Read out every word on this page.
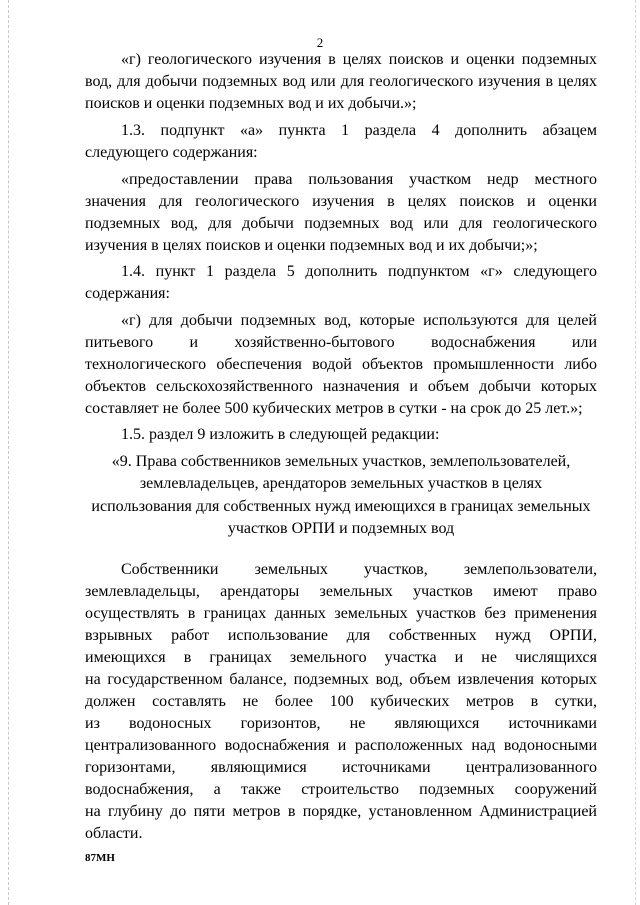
2
«г) геологического изучения в целях поисков и оценки подземных
вод, для добычи подземных вод или для геологического изучения в целях
поисков и оценки подземных вод и их добычи.»;
1.3. подпункт «а» пункта 1 раздела 4 дополнить абзацем
следующего содержания:
«предоставлении права пользования участком недр местного
значения для геологического изучения в целях поисков и оценки
подземных вод, для добычи подземных вод или для геологического
изучения в целях поисков и оценки подземных вод и их добычи;»;
1.4. пункт 1 раздела 5 дополнить подпунктом «г» следующего
содержания:
«г) для добычи подземных вод, которые используются для целей
питьевого и хозяйственно-бытового водоснабжения или
технологического обеспечения водой объектов промышленности либо
объектов сельскохозяйственного назначения и объем добычи которых
составляет не более 500 кубических метров в сутки - на срок до 25 лет.»;
1.5. раздел 9 изложить в следующей редакции:
«9. Права собственников земельных участков, землепользователей,
землевладельцев, арендаторов земельных участков в целях
использования для собственных нужд имеющихся в границах земельных
участков ОРПИ и подземных вод
Собственники земельных участков, землепользователи,
землевладельцы, арендаторы земельных участков имеют право
осуществлять в границах данных земельных участков без применения
взрывных работ использование для собственных нужд ОРПИ,
имеющихся в границах земельного участка и не числящихся
на государственном балансе, подземных вод, объем извлечения которых
должен составлять не более 100 кубических метров в сутки,
из водоносных горизонтов, не являющихся источниками
централизованного водоснабжения и расположенных над водоносными
горизонтами, являющимися источниками централизованного
водоснабжения, а также строительство подземных сооружений
на глубину до пяти метров в порядке, установленном Администрацией
области.
87МН
